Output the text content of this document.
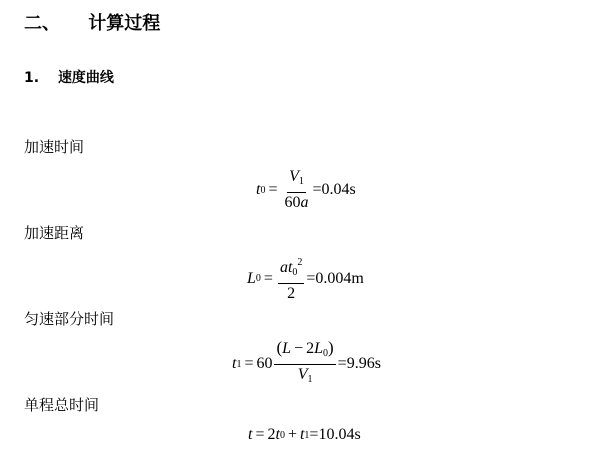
二、 计算过程
1. 速度曲线
加速时间
t $0 = \frac{V_1}{60a} =0.04s$
加速距离
L $0 = \frac{at_0^2}{2} =0.004m$
匀速部分时间
t $1 = 60 \frac{(L - 2L_0)}{V_1} =9.96s$
单程总时间
t = 2 t 0 + t 1 =10.04s
